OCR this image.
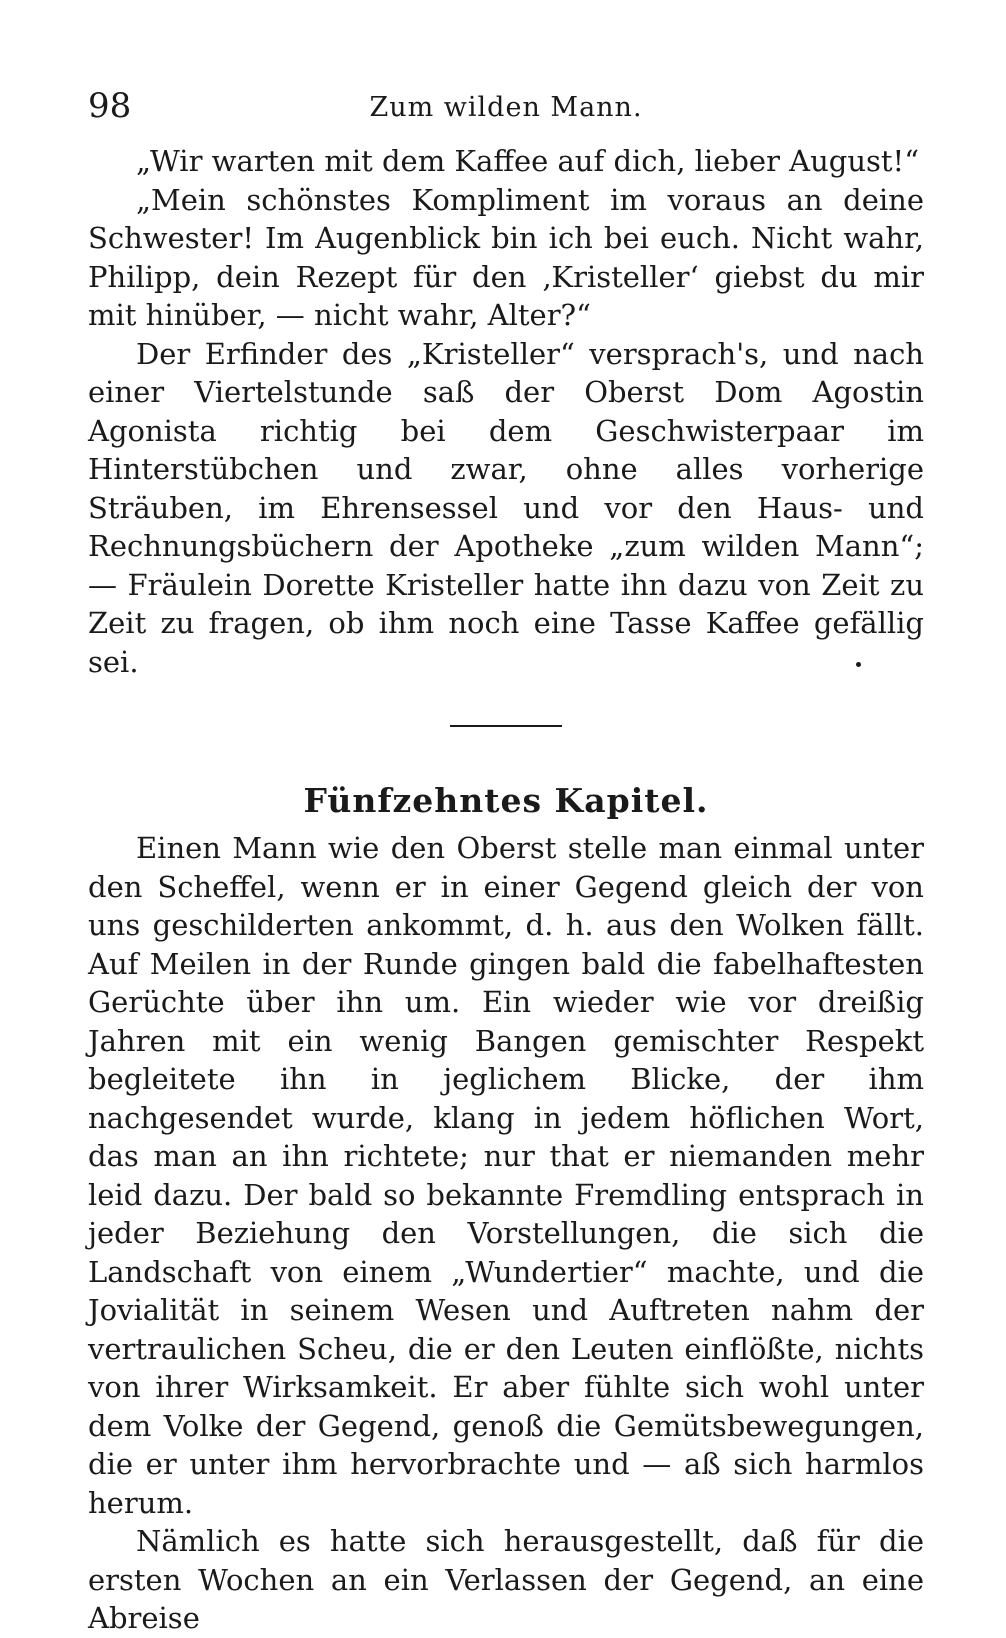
98	Zum wilden Mann.

„Wir warten mit dem Kaffee auf dich, lieber August!“

„Mein schönstes Kompliment im voraus an deine Schwester! Im Augenblick bin ich bei euch. Nicht wahr, Philipp, dein Rezept für den ‚Kristeller‘ giebst du mir mit hinüber, — nicht wahr, Alter?“

Der Erfinder des „Kristeller“ versprach's, und nach einer Viertelstunde saß der Oberst Dom Agostin Agonista richtig bei dem Geschwisterpaar im Hinterstübchen und zwar, ohne alles vorherige Sträuben, im Ehrensessel und vor den Haus- und Rechnungsbüchern der Apotheke „zum wilden Mann“; — Fräulein Dorette Kristeller hatte ihn dazu von Zeit zu Zeit zu fragen, ob ihm noch eine Tasse Kaffee gefällig sei.

Fünfzehntes Kapitel.

Einen Mann wie den Oberst stelle man einmal unter den Scheffel, wenn er in einer Gegend gleich der von uns geschilderten ankommt, d. h. aus den Wolken fällt. Auf Meilen in der Runde gingen bald die fabelhaftesten Gerüchte über ihn um. Ein wieder wie vor dreißig Jahren mit ein wenig Bangen gemischter Respekt begleitete ihn in jeglichem Blicke, der ihm nachgesendet wurde, klang in jedem höflichen Wort, das man an ihn richtete; nur that er niemanden mehr leid dazu. Der bald so bekannte Fremdling entsprach in jeder Beziehung den Vorstellungen, die sich die Landschaft von einem „Wundertier“ machte, und die Jovialität in seinem Wesen und Auftreten nahm der vertraulichen Scheu, die er den Leuten einflößte, nichts von ihrer Wirksamkeit. Er aber fühlte sich wohl unter dem Volke der Gegend, genoß die Gemütsbewegungen, die er unter ihm hervorbrachte und — aß sich harmlos herum.

Nämlich es hatte sich herausgestellt, daß für die ersten Wochen an ein Verlassen der Gegend, an eine Abreise
